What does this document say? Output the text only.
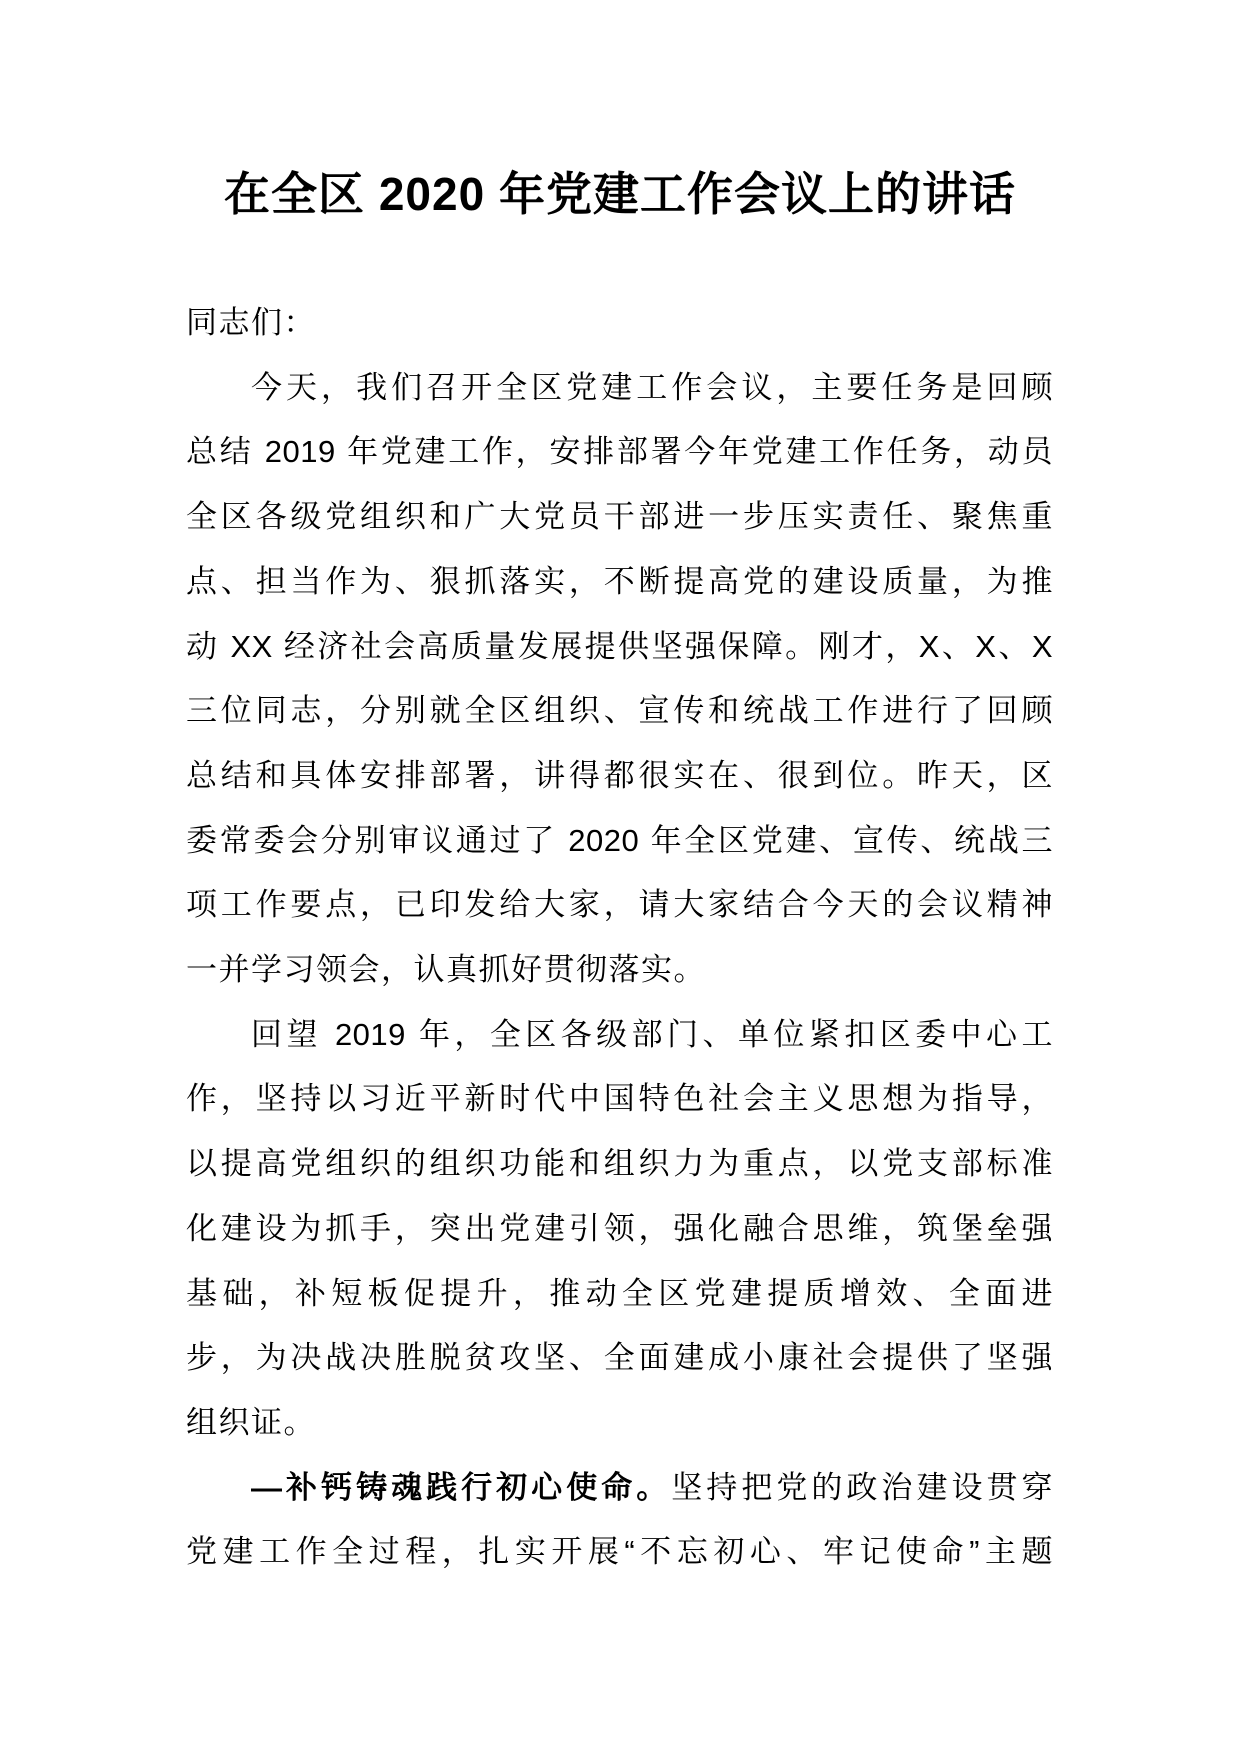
在全区 2020 年党建工作会议上的讲话
同志们：
今天，我们召开全区党建工作会议，主要任务是回顾
总结 2019 年党建工作，安排部署今年党建工作任务，动员
全区各级党组织和广大党员干部进一步压实责任、聚焦重
点、担当作为、狠抓落实，不断提高党的建设质量，为推
动 XX 经济社会高质量发展提供坚强保障。刚才，X、X、X
三位同志，分别就全区组织、宣传和统战工作进行了回顾
总结和具体安排部署，讲得都很实在、很到位。昨天，区
委常委会分别审议通过了 2020 年全区党建、宣传、统战三
项工作要点，已印发给大家，请大家结合今天的会议精神
一并学习领会，认真抓好贯彻落实。
回望 2019 年，全区各级部门、单位紧扣区委中心工
作，坚持以习近平新时代中国特色社会主义思想为指导，
以提高党组织的组织功能和组织力为重点，以党支部标准
化建设为抓手，突出党建引领，强化融合思维，筑堡垒强
基础，补短板促提升，推动全区党建提质增效、全面进
步，为决战决胜脱贫攻坚、全面建成小康社会提供了坚强
组织证。
—补钙铸魂践行初心使命。坚持把党的政治建设贯穿
党建工作全过程，扎实开展“不忘初心、牢记使命”主题
